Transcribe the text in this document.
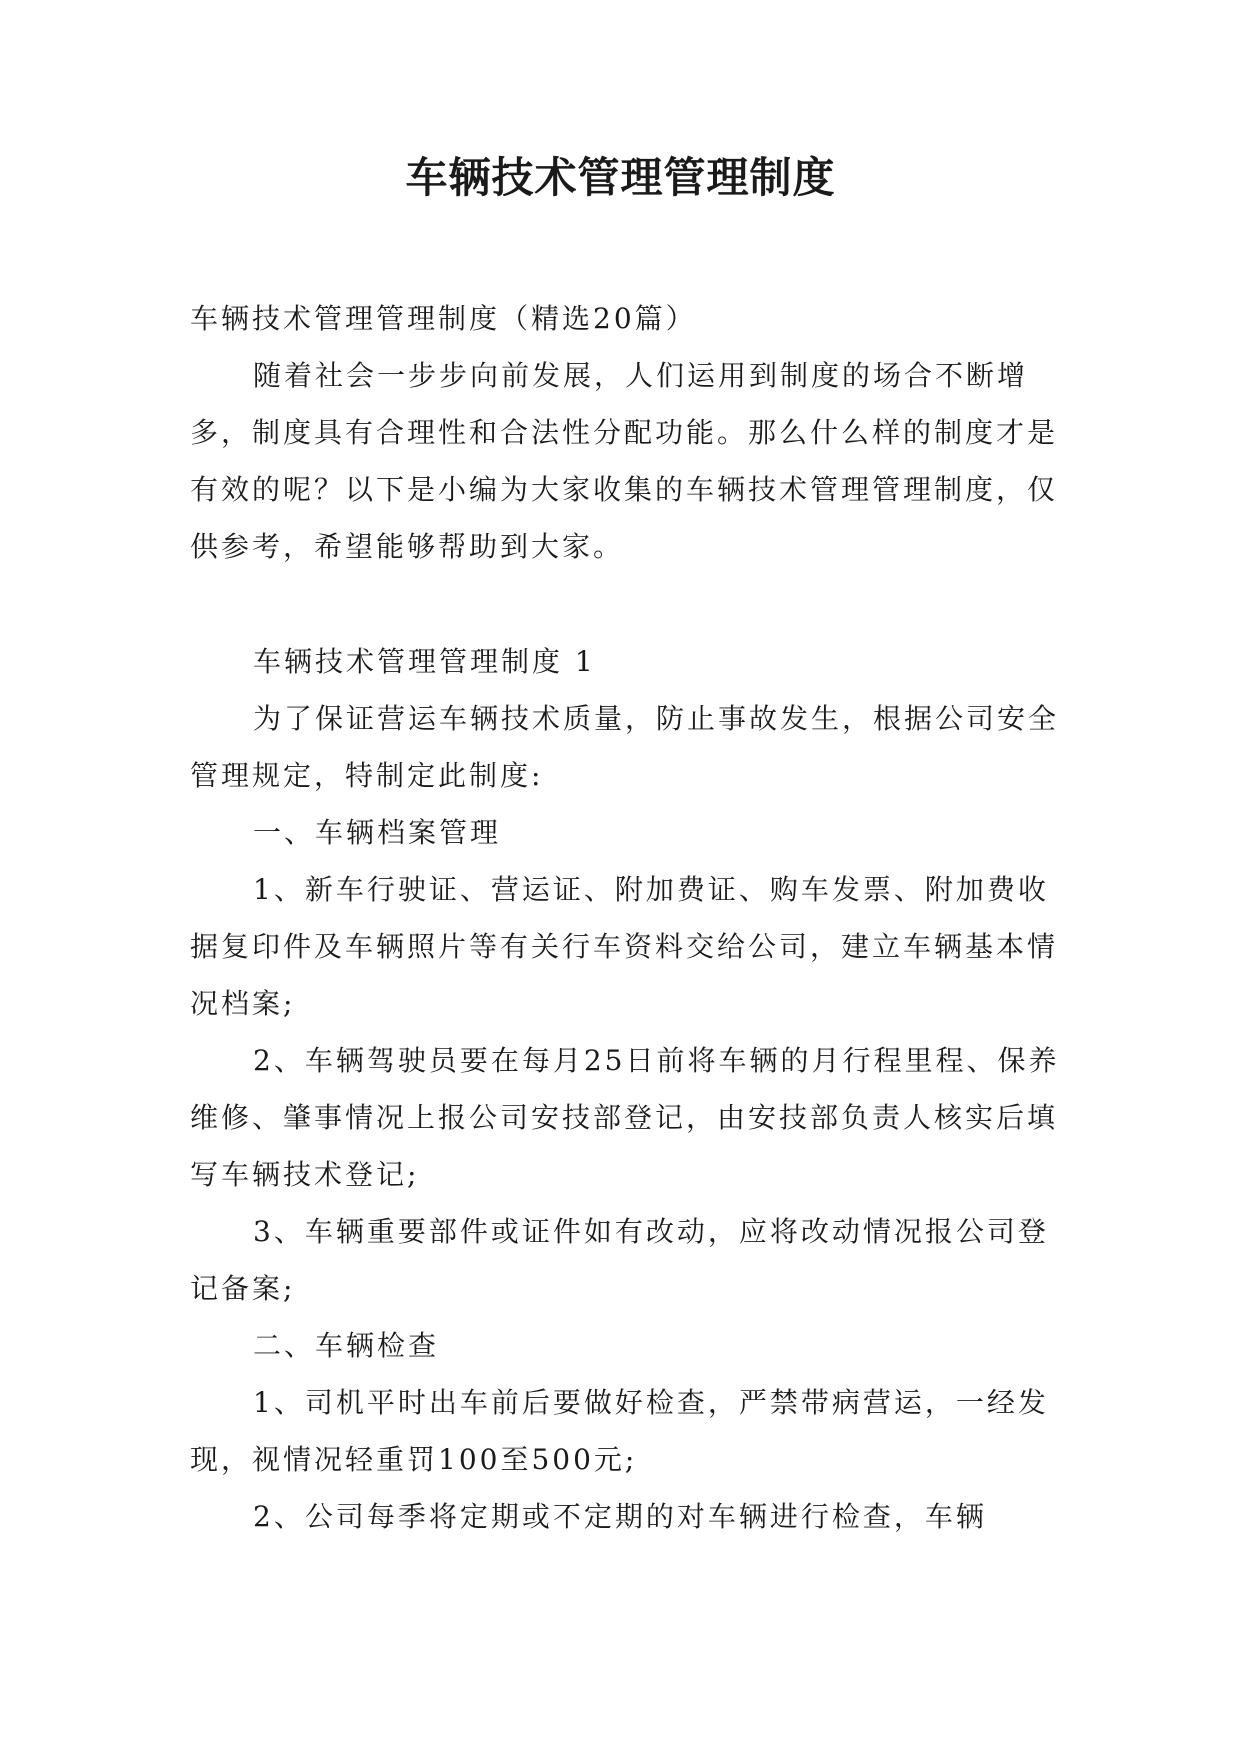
车辆技术管理管理制度

车辆技术管理管理制度（精选20篇）

随着社会一步步向前发展，人们运用到制度的场合不断增多，制度具有合理性和合法性分配功能。那么什么样的制度才是有效的呢？以下是小编为大家收集的车辆技术管理管理制度，仅供参考，希望能够帮助到大家。

车辆技术管理管理制度 1

为了保证营运车辆技术质量，防止事故发生，根据公司安全管理规定，特制定此制度:

一、车辆档案管理

1、新车行驶证、营运证、附加费证、购车发票、附加费收据复印件及车辆照片等有关行车资料交给公司，建立车辆基本情况档案;

2、车辆驾驶员要在每月25日前将车辆的月行程里程、保养维修、肇事情况上报公司安技部登记，由安技部负责人核实后填写车辆技术登记;

3、车辆重要部件或证件如有改动，应将改动情况报公司登记备案;

二、车辆检查

1、司机平时出车前后要做好检查，严禁带病营运，一经发现，视情况轻重罚100至500元;

2、公司每季将定期或不定期的对车辆进行检查，车辆
